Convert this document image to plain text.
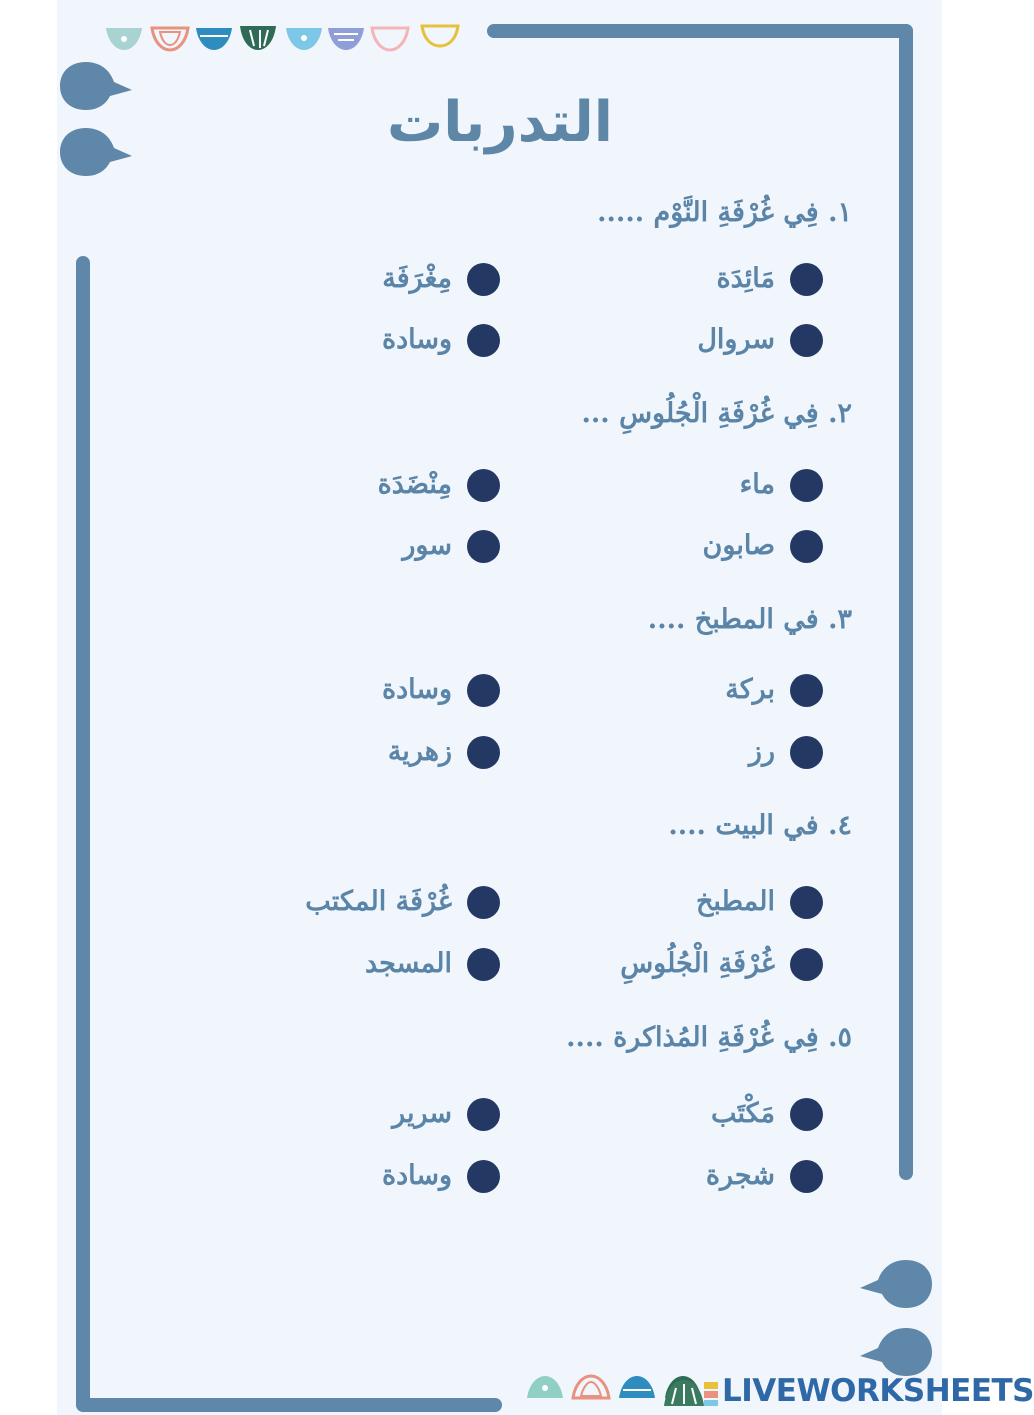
التدربات
١. فِي غُرْفَةِ النَّوْم .....
مَائِدَة
مِغْرَفَة
سروال
وسادة
٢. فِي غُرْفَةِ الْجُلُوسِ ...
ماء
مِنْضَدَة
صابون
سور
٣. في المطبخ ....
بركة
وسادة
رز
زهرية
٤. في البيت ....
المطبخ
غُرْفَة المكتب
غُرْفَةِ الْجُلُوسِ
المسجد
٥. فِي غُرْفَةِ المُذاكرة ....
مَكْتَب
سرير
شجرة
وسادة
LIVEWORKSHEETS
